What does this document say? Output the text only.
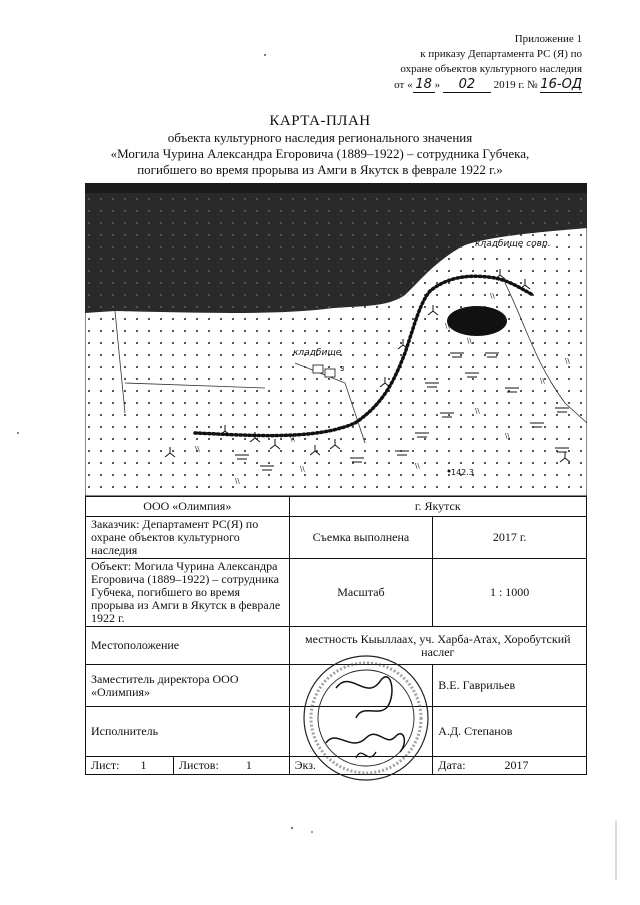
Приложение 1
к приказу Департамента РС (Я) по
охране объектов культурного наследия
от « 18 » 02 2019 г. № 16-ОД
КАРТА-ПЛАН
объекта культурного наследия регионального значения
«Могила Чурина Александра Егоровича (1889–1922) – сотрудника Губчека,
погибшего во время прорыва из Амги в Якутск в феврале 1922 г.»
\\
\\
\\
\\	\\
\\
\\
\\
\\
\\
\\
\\
кладбище совр.
кладбище
3
142.3
ООО «Олимпия»		г. Якутск	
Заказчик: Департамент РС(Я) по охране объектов культурного наследия		Съемка выполнена	2017 г.
Объект: Могила Чурина Александра Егоровича (1889–1922) – сотрудника Губчека, погибшего во время прорыва из Амги в Якутск в феврале 1922 г.		Масштаб	1 : 1000
Местоположение		местность Кыыллаах, уч. Харба-Атах, Хоробутский наслег	
Заместитель директора ООО «Олимпия»			В.Е. Гаврильев
Исполнитель			А.Д. Степанов
Лист: 1	Листов: 1	Экз.	Дата: 2017
